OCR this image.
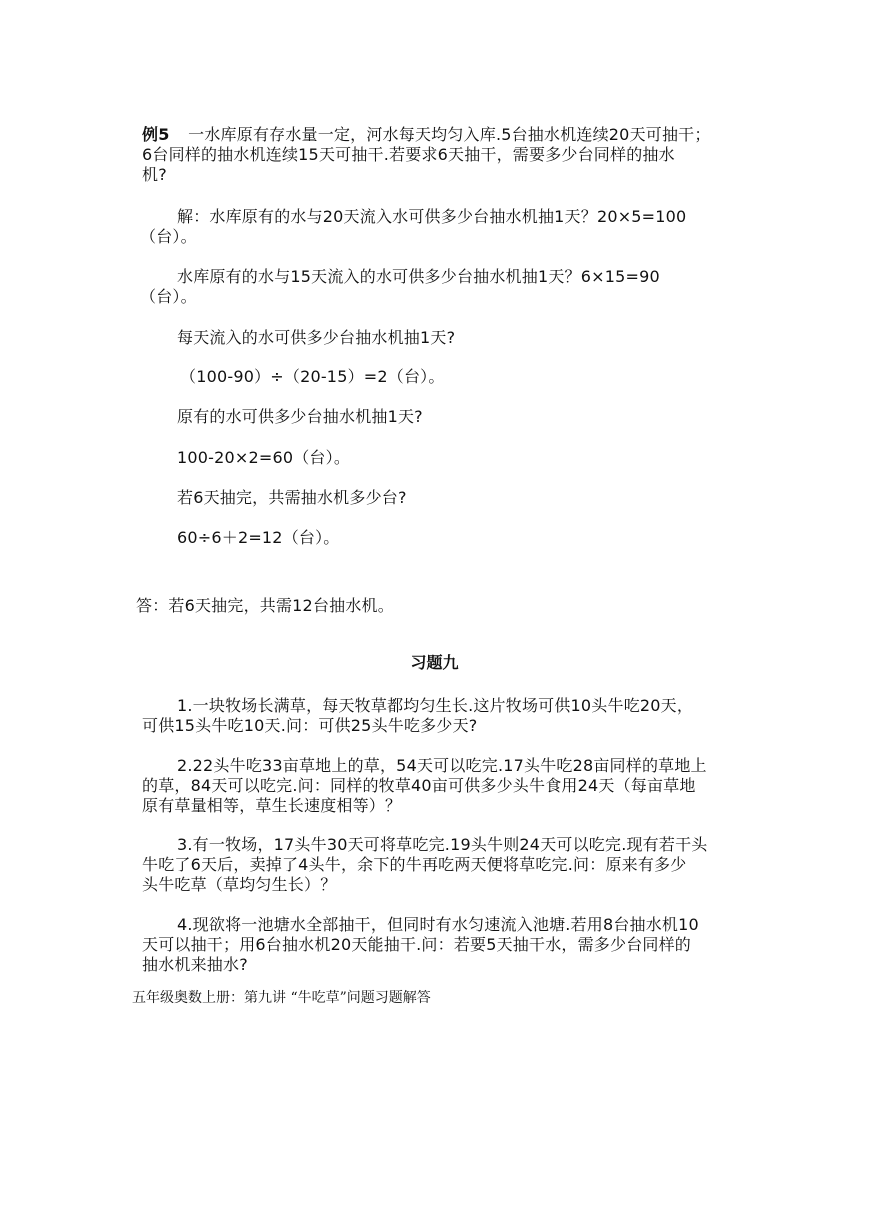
例5 一水库原有存水量一定，河水每天均匀入库.5台抽水机连续20天可抽干；
6台同样的抽水机连续15天可抽干.若要求6天抽干，需要多少台同样的抽水
机?
解：水库原有的水与20天流入水可供多少台抽水机抽1天？20×5=100
（台）。
水库原有的水与15天流入的水可供多少台抽水机抽1天？6×15=90
（台）。
每天流入的水可供多少台抽水机抽1天?
（100-90）÷（20-15）=2（台）。
原有的水可供多少台抽水机抽1天?
100-20×2=60（台）。
若6天抽完，共需抽水机多少台?
60÷6＋2=12（台）。
答：若6天抽完，共需12台抽水机。
习题九
1.一块牧场长满草，每天牧草都均匀生长.这片牧场可供10头牛吃20天，
可供15头牛吃10天.问：可供25头牛吃多少天?
2.22头牛吃33亩草地上的草，54天可以吃完.17头牛吃28亩同样的草地上
的草，84天可以吃完.问：同样的牧草40亩可供多少头牛食用24天（每亩草地
原有草量相等，草生长速度相等）？
3.有一牧场，17头牛30天可将草吃完.19头牛则24天可以吃完.现有若干头
牛吃了6天后，卖掉了4头牛，余下的牛再吃两天便将草吃完.问：原来有多少
头牛吃草（草均匀生长）？
4.现欲将一池塘水全部抽干，但同时有水匀速流入池塘.若用8台抽水机10
天可以抽干；用6台抽水机20天能抽干.问：若要5天抽干水，需多少台同样的
抽水机来抽水?
五年级奥数上册：第九讲 “牛吃草”问题习题解答
